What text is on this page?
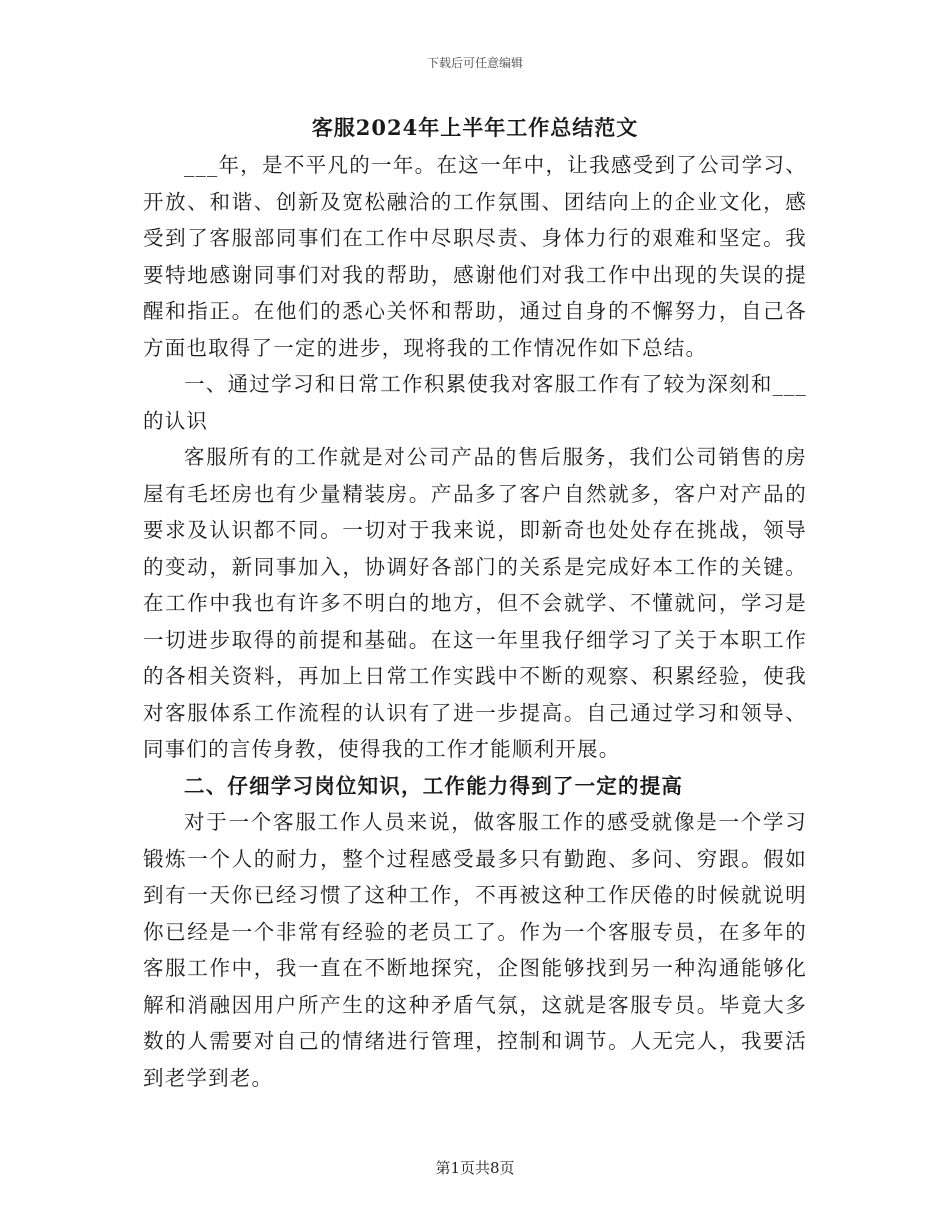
下载后可任意编辑
客服2024年上半年工作总结范文

___年，是不平凡的一年。在这一年中，让我感受到了公司学习、开放、和谐、创新及宽松融洽的工作氛围、团结向上的企业文化，感受到了客服部同事们在工作中尽职尽责、身体力行的艰难和坚定。我要特地感谢同事们对我的帮助，感谢他们对我工作中出现的失误的提醒和指正。在他们的悉心关怀和帮助，通过自身的不懈努力，自己各方面也取得了一定的进步，现将我的工作情况作如下总结。

一、通过学习和日常工作积累使我对客服工作有了较为深刻和___的认识

客服所有的工作就是对公司产品的售后服务，我们公司销售的房屋有毛坯房也有少量精装房。产品多了客户自然就多，客户对产品的要求及认识都不同。一切对于我来说，即新奇也处处存在挑战，领导的变动，新同事加入，协调好各部门的关系是完成好本工作的关键。在工作中我也有许多不明白的地方，但不会就学、不懂就问，学习是一切进步取得的前提和基础。在这一年里我仔细学习了关于本职工作的各相关资料，再加上日常工作实践中不断的观察、积累经验，使我对客服体系工作流程的认识有了进一步提高。自己通过学习和领导、同事们的言传身教，使得我的工作才能顺利开展。

二、仔细学习岗位知识，工作能力得到了一定的提高

对于一个客服工作人员来说，做客服工作的感受就像是一个学习锻炼一个人的耐力，整个过程感受最多只有勤跑、多问、穷跟。假如到有一天你已经习惯了这种工作，不再被这种工作厌倦的时候就说明你已经是一个非常有经验的老员工了。作为一个客服专员，在多年的客服工作中，我一直在不断地探究，企图能够找到另一种沟通能够化解和消融因用户所产生的这种矛盾气氛，这就是客服专员。毕竟大多数的人需要对自己的情绪进行管理，控制和调节。人无完人，我要活到老学到老。

第1页共8页
